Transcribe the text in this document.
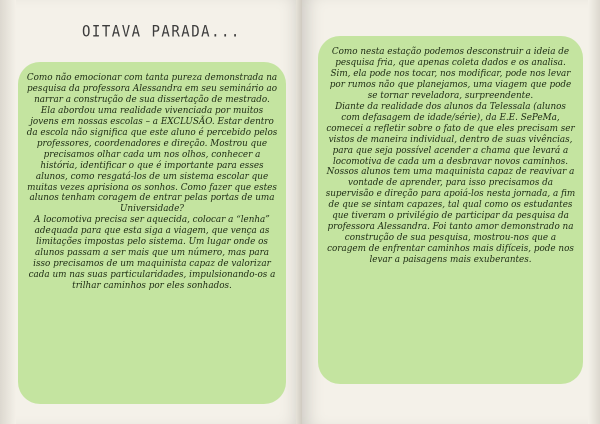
OITAVA PARADA...

Como não emocionar com tanta pureza demonstrada na pesquisa da professora Alessandra em seu seminário ao narrar a construção de sua dissertação de mestrado. Ela abordou uma realidade vivenciada por muitos jovens em nossas escolas – a EXCLUSÃO. Estar dentro da escola não significa que este aluno é percebido pelos professores, coordenadores e direção. Mostrou que precisamos olhar cada um nos olhos, conhecer a história, identificar o que é importante para esses alunos, como resgatá-los de um sistema escolar que muitas vezes aprisiona os sonhos. Como fazer que estes alunos tenham coragem de entrar pelas portas de uma Universidade?

A locomotiva precisa ser aquecida, colocar a “lenha” adequada para que esta siga a viagem, que vença as limitações impostas pelo sistema. Um lugar onde os alunos passam a ser mais que um número, mas para isso precisamos de um maquinista capaz de valorizar cada um nas suas particularidades, impulsionando-os a trilhar caminhos por eles sonhados.

Como nesta estação podemos desconstruir a ideia de pesquisa fria, que apenas coleta dados e os analisa. Sim, ela pode nos tocar, nos modificar, pode nos levar por rumos não que planejamos, uma viagem que pode se tornar reveladora, surpreendente.

Diante da realidade dos alunos da Telessala (alunos com defasagem de idade/série), da E.E. SePeMa, comecei a refletir sobre o fato de que eles precisam ser vistos de maneira individual, dentro de suas vivências, para que seja possível acender a chama que levará a locomotiva de cada um a desbravar novos caminhos. Nossos alunos tem uma maquinista capaz de reavivar a vontade de aprender, para isso precisamos da supervisão e direção para apoiá-los nesta jornada, a fim de que se sintam capazes, tal qual como os estudantes que tiveram o privilégio de participar da pesquisa da professora Alessandra. Foi tanto amor demonstrado na construção de sua pesquisa, mostrou-nos que a coragem de enfrentar caminhos mais difíceis, pode nos levar a paisagens mais exuberantes.
